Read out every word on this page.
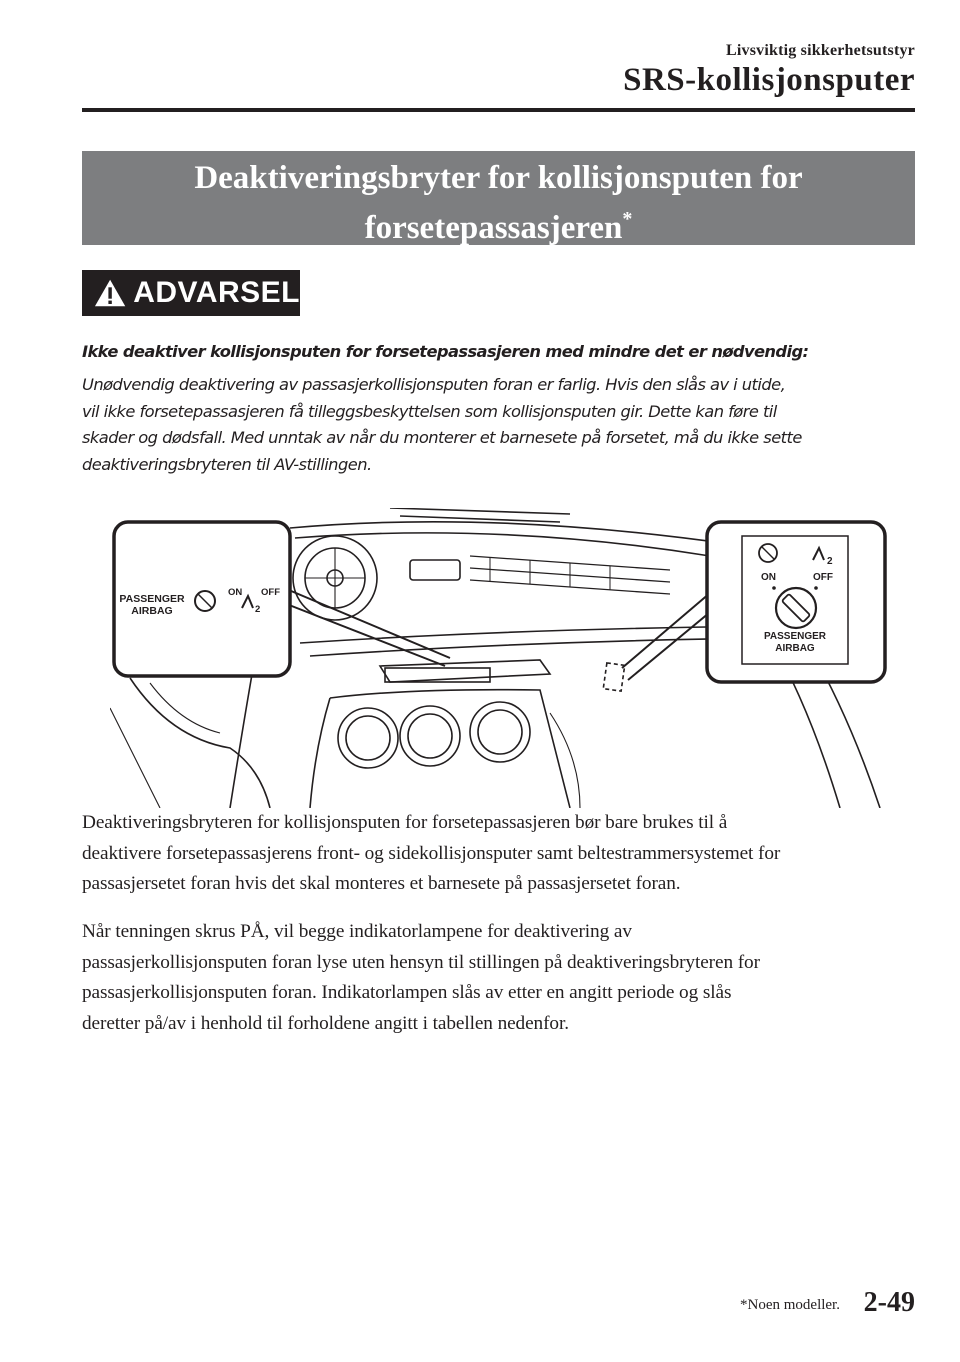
Livsviktig sikkerhetsutstyr
SRS-kollisjonsputer
Deaktiveringsbryter for kollisjonsputen for
forsetepassasjeren*
ADVARSEL
Ikke deaktiver kollisjonsputen for forsetepassasjeren med mindre det er nødvendig:

Unødvendig deaktivering av passasjerkollisjonsputen foran er farlig. Hvis den slås av i utide,

vil ikke forsetepassasjeren få tilleggsbeskyttelsen som kollisjonsputen gir. Dette kan føre til

skader og dødsfall. Med unntak av når du monterer et barnesete på forsetet, må du ikke sette

deaktiveringsbryteren til AV-stillingen.

PASSENGER
AIRBAG
ON OFF
2
2
ON	OFF
PASSENGER
AIRBAG

Deaktiveringsbryteren for kollisjonsputen for forsetepassasjeren bør bare brukes til å

deaktivere forsetepassasjerens front- og sidekollisjonsputer samt beltestrammersystemet for

passasjersetet foran hvis det skal monteres et barnesete på passasjersetet foran.

Når tenningen skrus PÅ, vil begge indikatorlampene for deaktivering av

passasjerkollisjonsputen foran lyse uten hensyn til stillingen på deaktiveringsbryteren for

passasjerkollisjonsputen foran. Indikatorlampen slås av etter en angitt periode og slås

deretter på/av i henhold til forholdene angitt i tabellen nedenfor.

*Noen modeller. 2-49
